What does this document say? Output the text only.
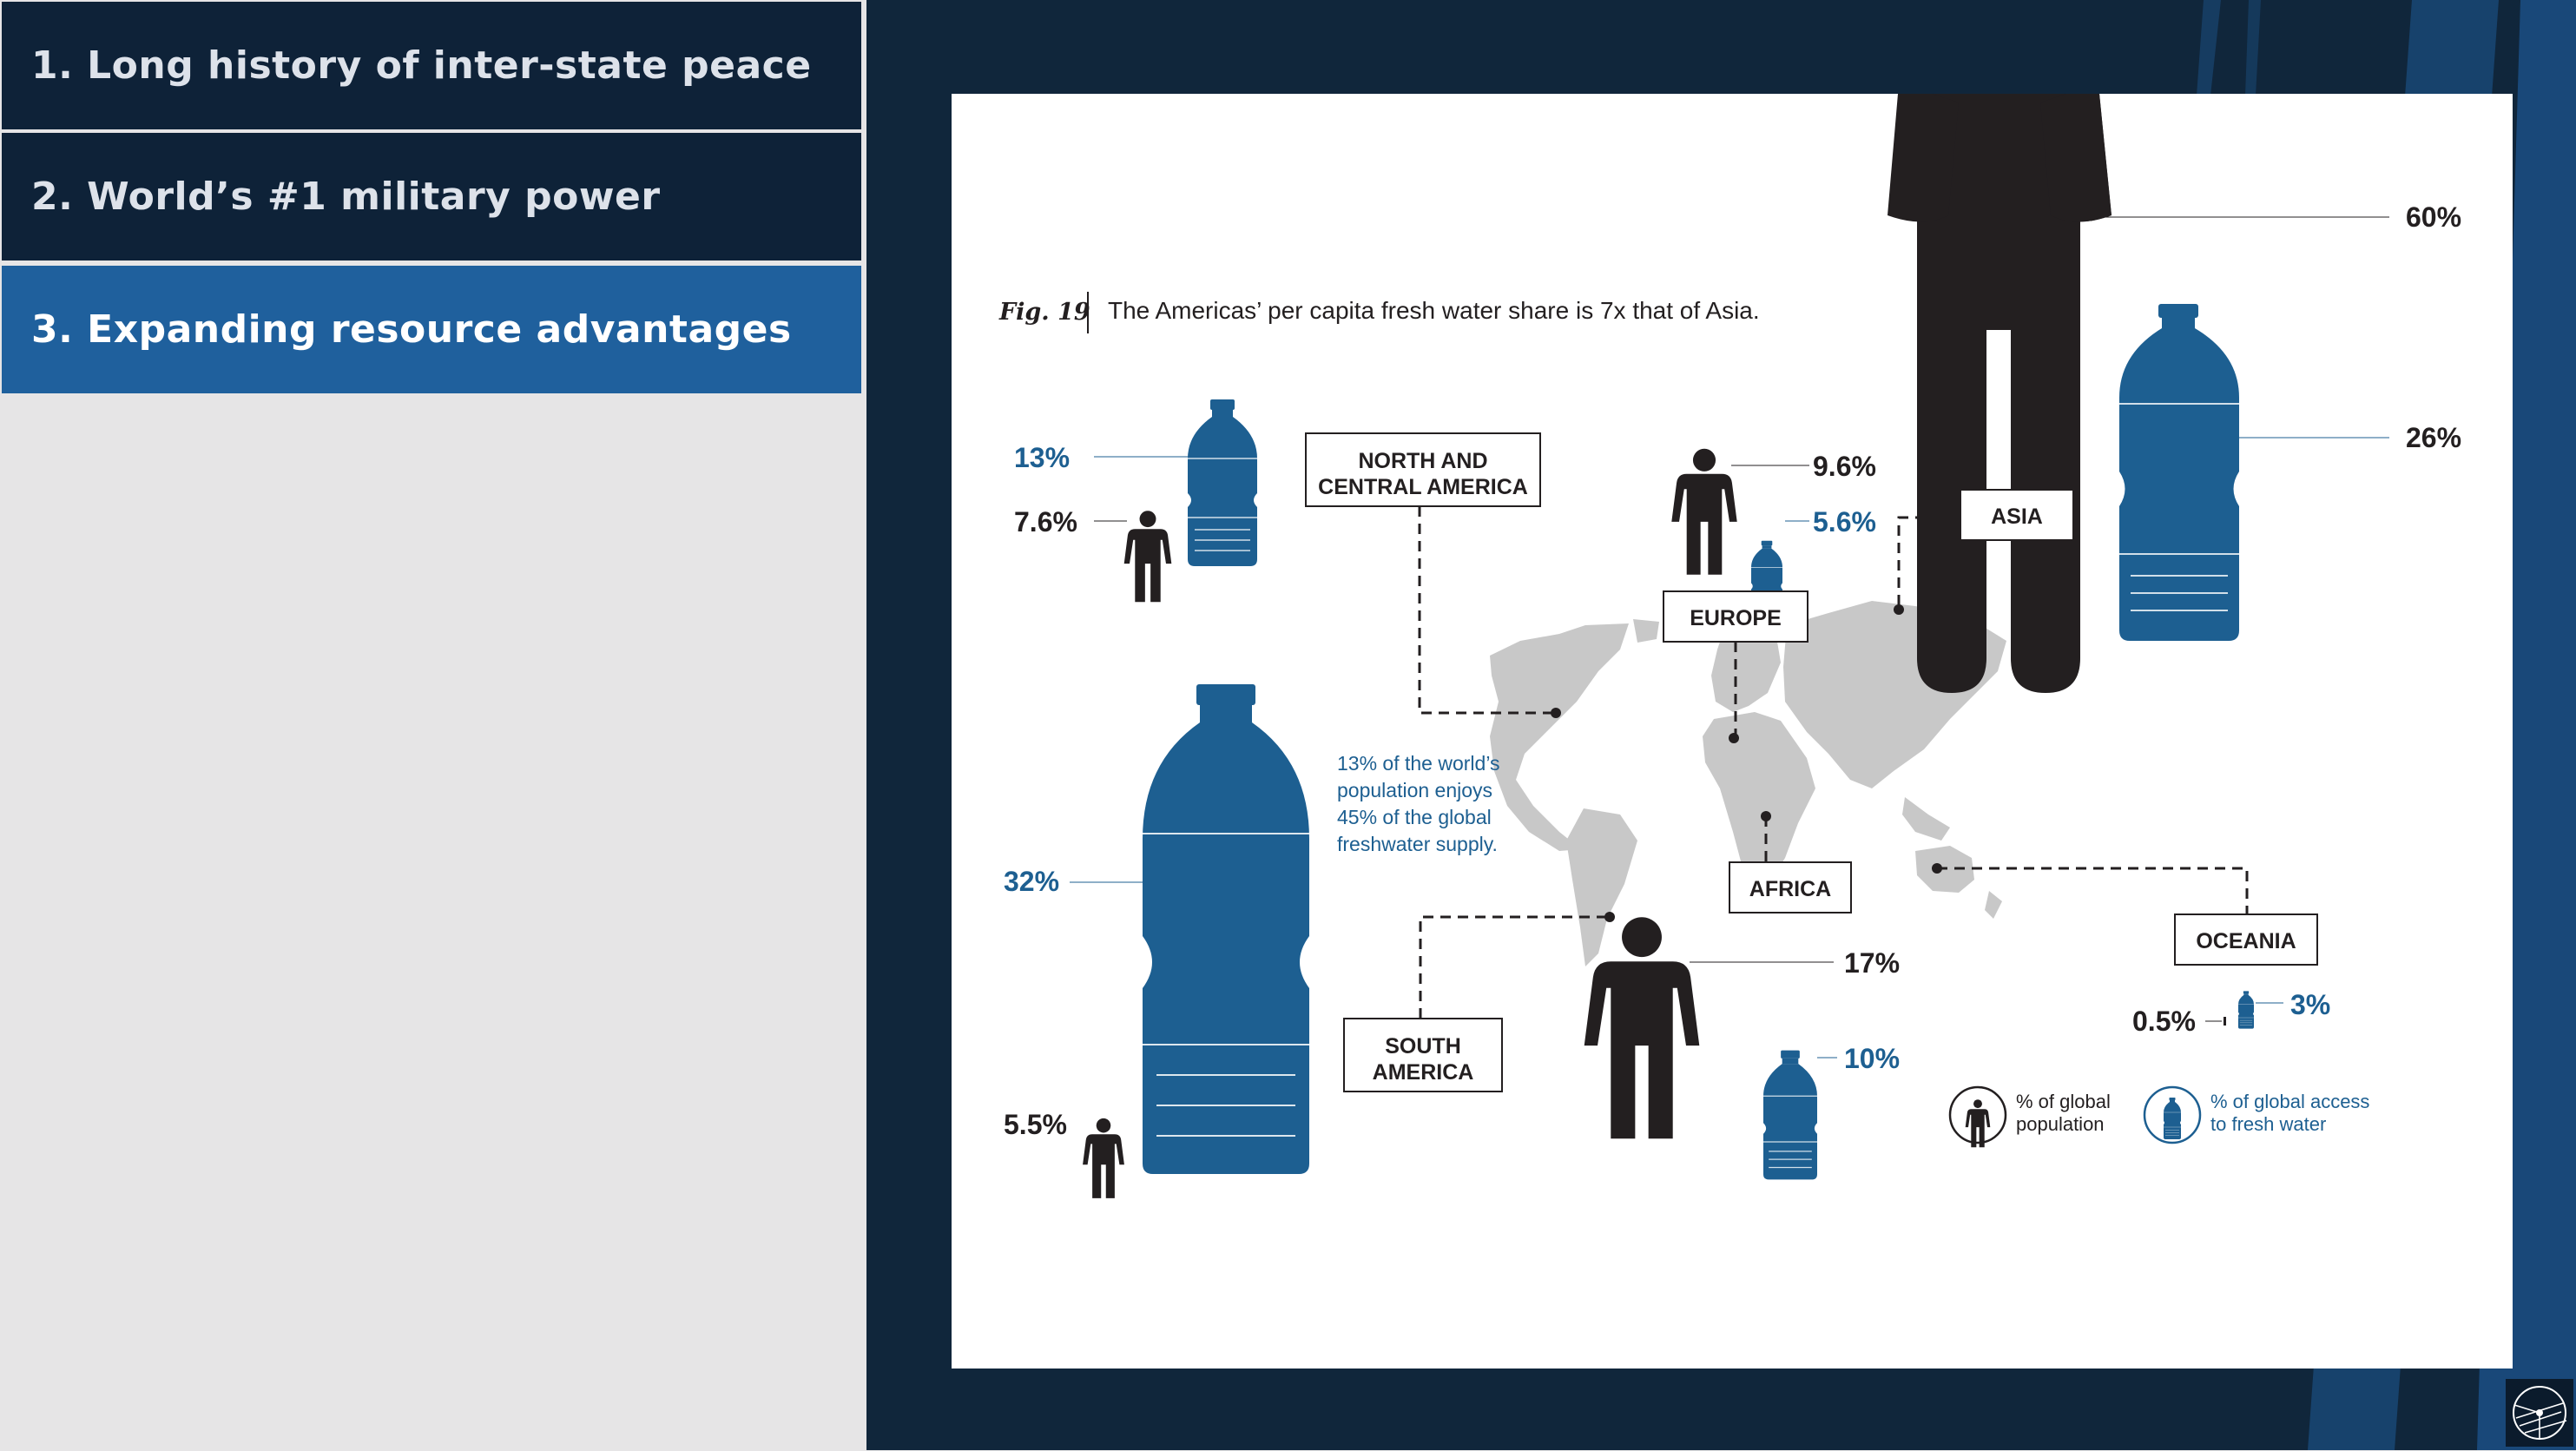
1. Long history of inter-state peace
2. World’s #1 military power
3. Expanding resource advantages	Fig. 19 The Americas’ per capita fresh water share is 7x that of Asia.
60%
26%
13%
7.6%
NORTH AND
CENTRAL AMERICA
32%
5.5%
13% of the world’s
population enjoys
45% of the global
freshwater supply.
SOUTH
AMERICA
9.6%
5.6%
EUROPE
ASIA
AFRICA
17%
10%
OCEANIA
0.5%
3%
% of global
population
% of global access
to fresh water
